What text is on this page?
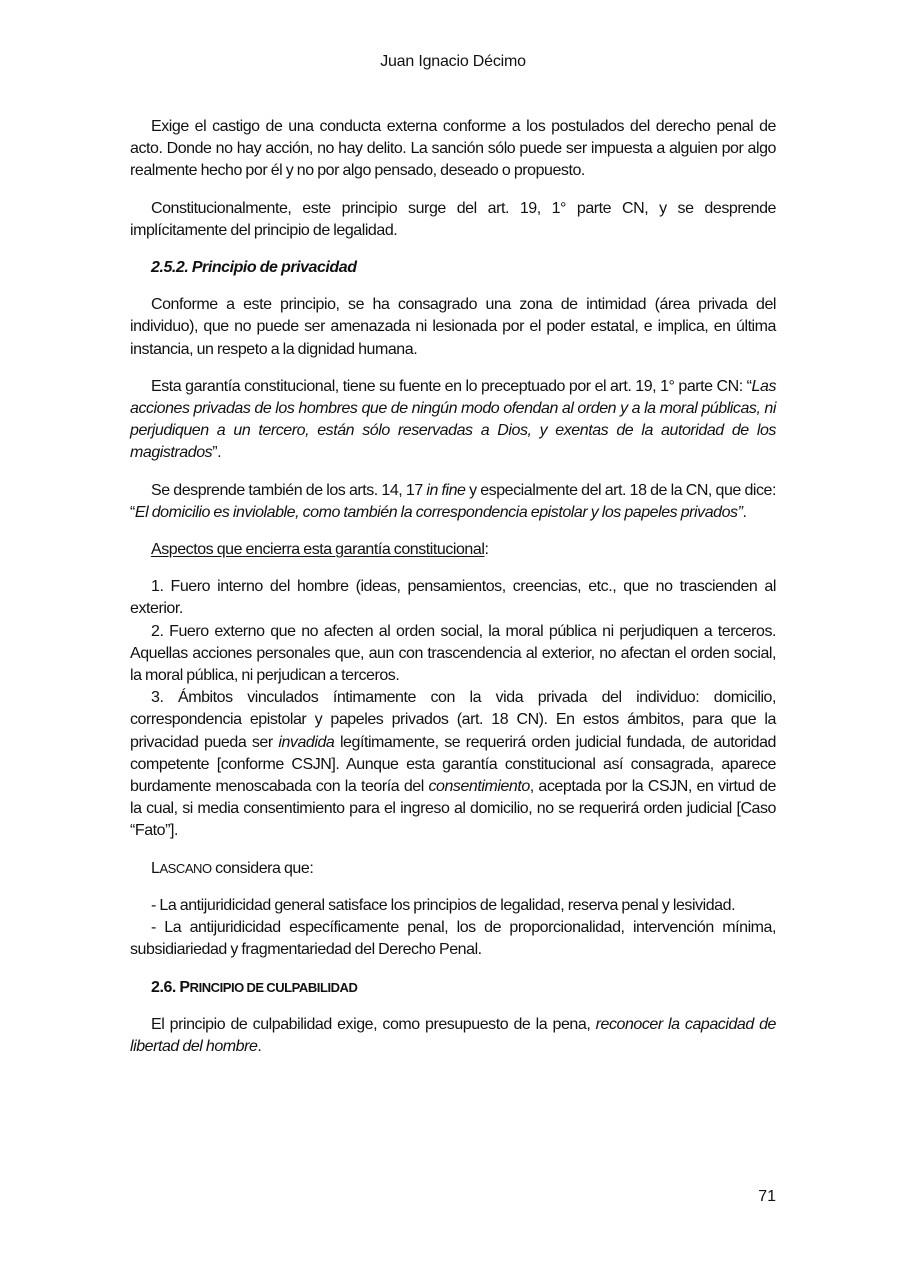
Juan Ignacio Décimo

Exige el castigo de una conducta externa conforme a los postulados del derecho penal de acto. Donde no hay acción, no hay delito. La sanción sólo puede ser impuesta a alguien por algo realmente hecho por él y no por algo pensado, deseado o propuesto.

Constitucionalmente, este principio surge del art. 19, 1° parte CN, y se desprende implícitamente del principio de legalidad.

2.5.2. Principio de privacidad

Conforme a este principio, se ha consagrado una zona de intimidad (área privada del individuo), que no puede ser amenazada ni lesionada por el poder estatal, e implica, en última instancia, un respeto a la dignidad humana.

Esta garantía constitucional, tiene su fuente en lo preceptuado por el art. 19, 1° parte CN: “Las acciones privadas de los hombres que de ningún modo ofendan al orden y a la moral públicas, ni perjudiquen a un tercero, están sólo reservadas a Dios, y exentas de la autoridad de los magistrados”.

Se desprende también de los arts. 14, 17 in fine y especialmente del art. 18 de la CN, que dice: “El domicilio es inviolable, como también la correspondencia epistolar y los papeles privados”.

Aspectos que encierra esta garantía constitucional:

1. Fuero interno del hombre (ideas, pensamientos, creencias, etc., que no trascienden al exterior.

2. Fuero externo que no afecten al orden social, la moral pública ni perjudiquen a terceros. Aquellas acciones personales que, aun con trascendencia al exterior, no afectan el orden social, la moral pública, ni perjudican a terceros.

3. Ámbitos vinculados íntimamente con la vida privada del individuo: domicilio, correspondencia epistolar y papeles privados (art. 18 CN). En estos ámbitos, para que la privacidad pueda ser invadida legítimamente, se requerirá orden judicial fundada, de autoridad competente [conforme CSJN]. Aunque esta garantía constitucional así consagrada, aparece burdamente menoscabada con la teoría del consentimiento, aceptada por la CSJN, en virtud de la cual, si media consentimiento para el ingreso al domicilio, no se requerirá orden judicial [Caso “Fato”].

LASCANO considera que:

- La antijuridicidad general satisface los principios de legalidad, reserva penal y lesividad.

- La antijuridicidad específicamente penal, los de proporcionalidad, intervención mínima, subsidiariedad y fragmentariedad del Derecho Penal.

2.6. PRINCIPIO DE CULPABILIDAD

El principio de culpabilidad exige, como presupuesto de la pena, reconocer la capacidad de libertad del hombre.

71
